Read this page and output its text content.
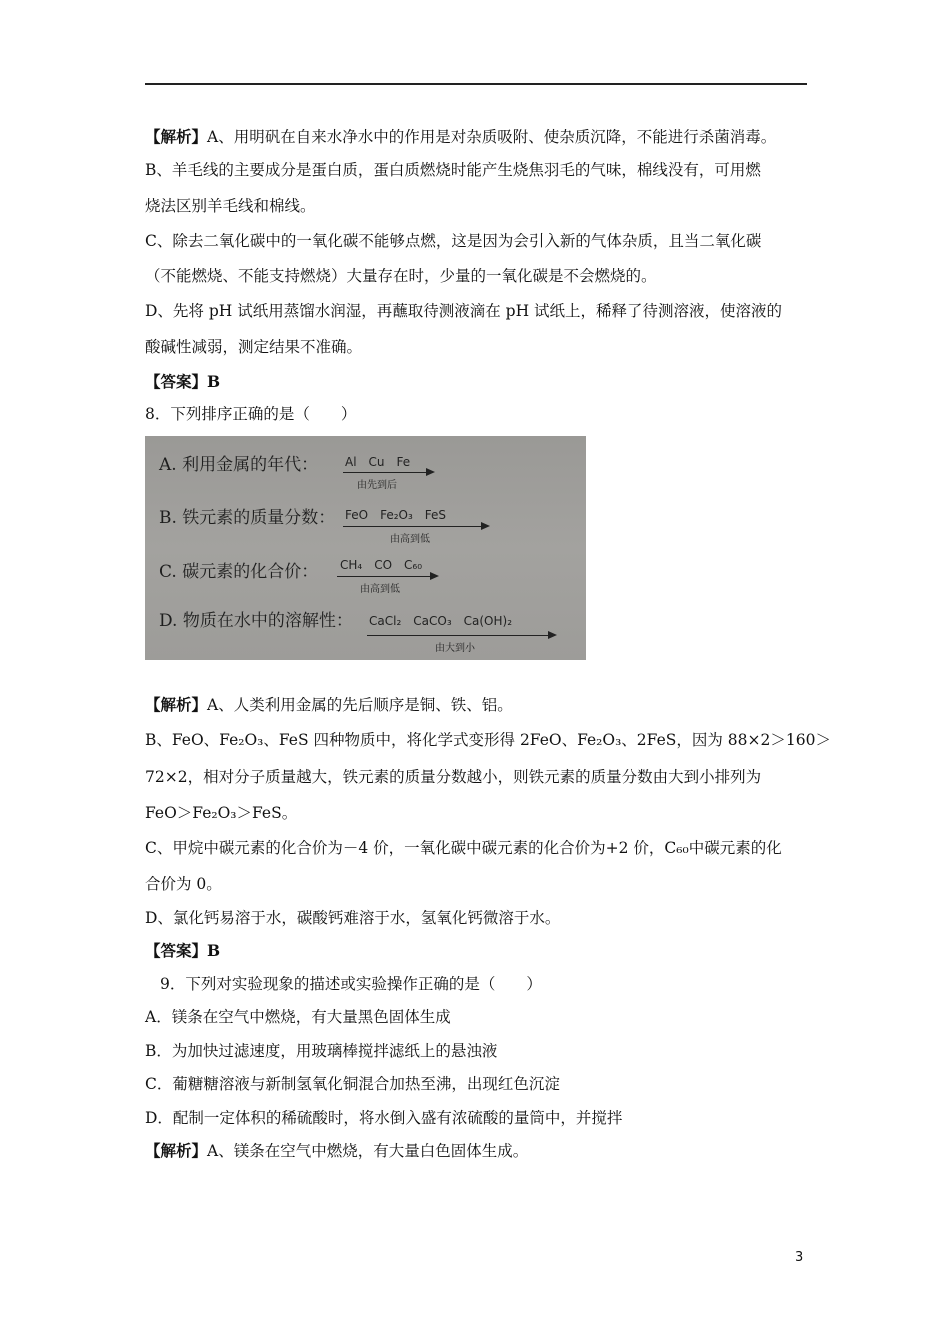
【解析】A、用明矾在自来水净水中的作用是对杂质吸附、使杂质沉降，不能进行杀菌消毒。
B、羊毛线的主要成分是蛋白质，蛋白质燃烧时能产生烧焦羽毛的气味，棉线没有，可用燃
烧法区别羊毛线和棉线。
C、除去二氧化碳中的一氧化碳不能够点燃，这是因为会引入新的气体杂质，且当二氧化碳
（不能燃烧、不能支持燃烧）大量存在时，少量的一氧化碳是不会燃烧的。
D、先将 pH 试纸用蒸馏水润湿，再蘸取待测液滴在 pH 试纸上，稀释了待测溶液，使溶液的
酸碱性减弱，测定结果不准确。
【答案】B
8．下列排序正确的是（　　）
A. 利用金属的年代： Al　Cu　Fe
由先到后
B. 铁元素的质量分数： FeO　Fe₂O₃　FeS
由高到低
C. 碳元素的化合价： CH₄　CO　C₆₀
由高到低
D. 物质在水中的溶解性： CaCl₂　CaCO₃　Ca(OH)₂
由大到小
【解析】A、人类利用金属的先后顺序是铜、铁、铝。
B、FeO、Fe₂O₃、FeS 四种物质中，将化学式变形得 2FeO、Fe₂O₃、2FeS，因为 88×2＞160＞
72×2，相对分子质量越大，铁元素的质量分数越小，则铁元素的质量分数由大到小排列为
FeO＞Fe₂O₃＞FeS。
C、甲烷中碳元素的化合价为－4 价，一氧化碳中碳元素的化合价为+2 价，C₆₀中碳元素的化
合价为 0。
D、氯化钙易溶于水，碳酸钙难溶于水，氢氧化钙微溶于水。
【答案】B
9．下列对实验现象的描述或实验操作正确的是（　　）
A．镁条在空气中燃烧，有大量黑色固体生成
B．为加快过滤速度，用玻璃棒搅拌滤纸上的悬浊液
C．葡糖糖溶液与新制氢氧化铜混合加热至沸，出现红色沉淀
D．配制一定体积的稀硫酸时，将水倒入盛有浓硫酸的量筒中，并搅拌
【解析】A、镁条在空气中燃烧，有大量白色固体生成。
3
